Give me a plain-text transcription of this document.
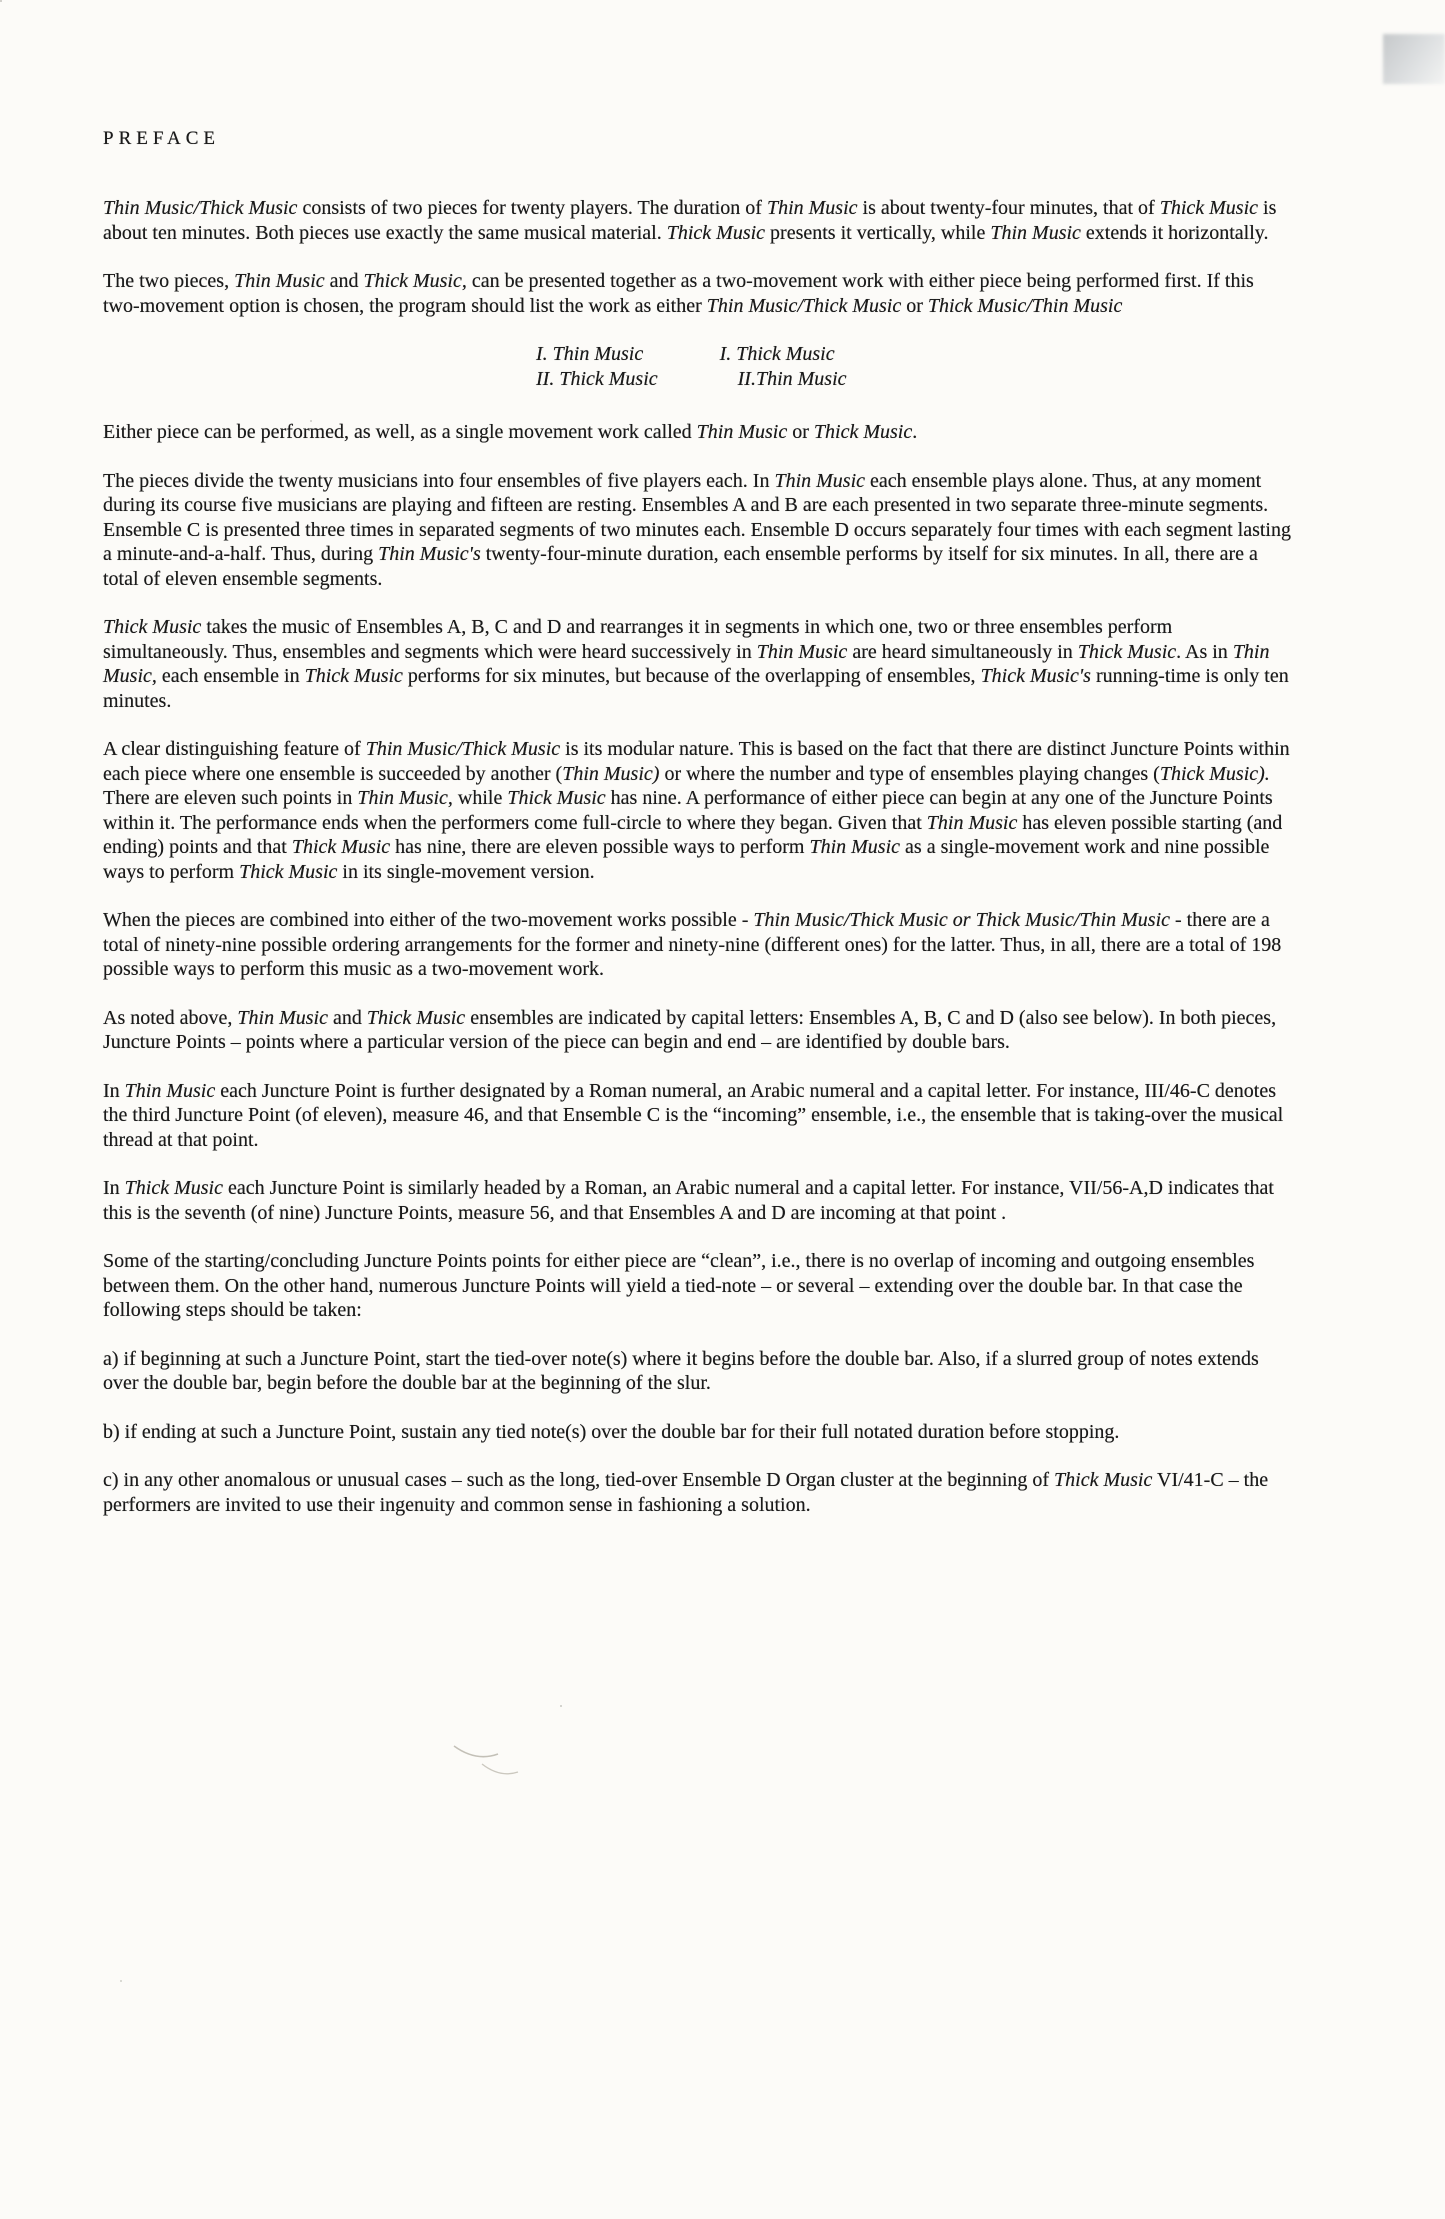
PREFACE

Thin Music/Thick Music consists of two pieces for twenty players. The duration of Thin Music is about twenty-four minutes, that of Thick Music is about ten minutes. Both pieces use exactly the same musical material. Thick Music presents it vertically, while Thin Music extends it horizontally.

The two pieces, Thin Music and Thick Music, can be presented together as a two-movement work with either piece being performed first. If this two-movement option is chosen, the program should list the work as either Thin Music/Thick Music or Thick Music/Thin Music

I. Thin Music
II. Thick Music
I. Thick Music
II.Thin Music

Either piece can be performed, as well, as a single movement work called Thin Music or Thick Music.

The pieces divide the twenty musicians into four ensembles of five players each. In Thin Music each ensemble plays alone. Thus, at any moment during its course five musicians are playing and fifteen are resting. Ensembles A and B are each presented in two separate three-minute segments. Ensemble C is presented three times in separated segments of two minutes each. Ensemble D occurs separately four times with each segment lasting a minute-and-a-half. Thus, during Thin Music's twenty-four-minute duration, each ensemble performs by itself for six minutes. In all, there are a total of eleven ensemble segments.

Thick Music takes the music of Ensembles A, B, C and D and rearranges it in segments in which one, two or three ensembles perform simultaneously. Thus, ensembles and segments which were heard successively in Thin Music are heard simultaneously in Thick Music. As in Thin Music, each ensemble in Thick Music performs for six minutes, but because of the overlapping of ensembles, Thick Music's running-time is only ten minutes.

A clear distinguishing feature of Thin Music/Thick Music is its modular nature. This is based on the fact that there are distinct Juncture Points within each piece where one ensemble is succeeded by another (Thin Music) or where the number and type of ensembles playing changes (Thick Music). There are eleven such points in Thin Music, while Thick Music has nine. A performance of either piece can begin at any one of the Juncture Points within it. The performance ends when the performers come full-circle to where they began. Given that Thin Music has eleven possible starting (and ending) points and that Thick Music has nine, there are eleven possible ways to perform Thin Music as a single-movement work and nine possible ways to perform Thick Music in its single-movement version.

When the pieces are combined into either of the two-movement works possible - Thin Music/Thick Music or Thick Music/Thin Music - there are a total of ninety-nine possible ordering arrangements for the former and ninety-nine (different ones) for the latter. Thus, in all, there are a total of 198 possible ways to perform this music as a two-movement work.

As noted above, Thin Music and Thick Music ensembles are indicated by capital letters: Ensembles A, B, C and D (also see below). In both pieces, Juncture Points – points where a particular version of the piece can begin and end – are identified by double bars.

In Thin Music each Juncture Point is further designated by a Roman numeral, an Arabic numeral and a capital letter. For instance, III/46-C denotes the third Juncture Point (of eleven), measure 46, and that Ensemble C is the “incoming” ensemble, i.e., the ensemble that is taking-over the musical thread at that point.

In Thick Music each Juncture Point is similarly headed by a Roman, an Arabic numeral and a capital letter. For instance, VII/56-A,D indicates that this is the seventh (of nine) Juncture Points, measure 56, and that Ensembles A and D are incoming at that point .

Some of the starting/concluding Juncture Points points for either piece are “clean”, i.e., there is no overlap of incoming and outgoing ensembles between them. On the other hand, numerous Juncture Points will yield a tied-note – or several – extending over the double bar. In that case the following steps should be taken:

a) if beginning at such a Juncture Point, start the tied-over note(s) where it begins before the double bar. Also, if a slurred group of notes extends over the double bar, begin before the double bar at the beginning of the slur.

b) if ending at such a Juncture Point, sustain any tied note(s) over the double bar for their full notated duration before stopping.

c) in any other anomalous or unusual cases – such as the long, tied-over Ensemble D Organ cluster at the beginning of Thick Music VI/41-C – the performers are invited to use their ingenuity and common sense in fashioning a solution.
